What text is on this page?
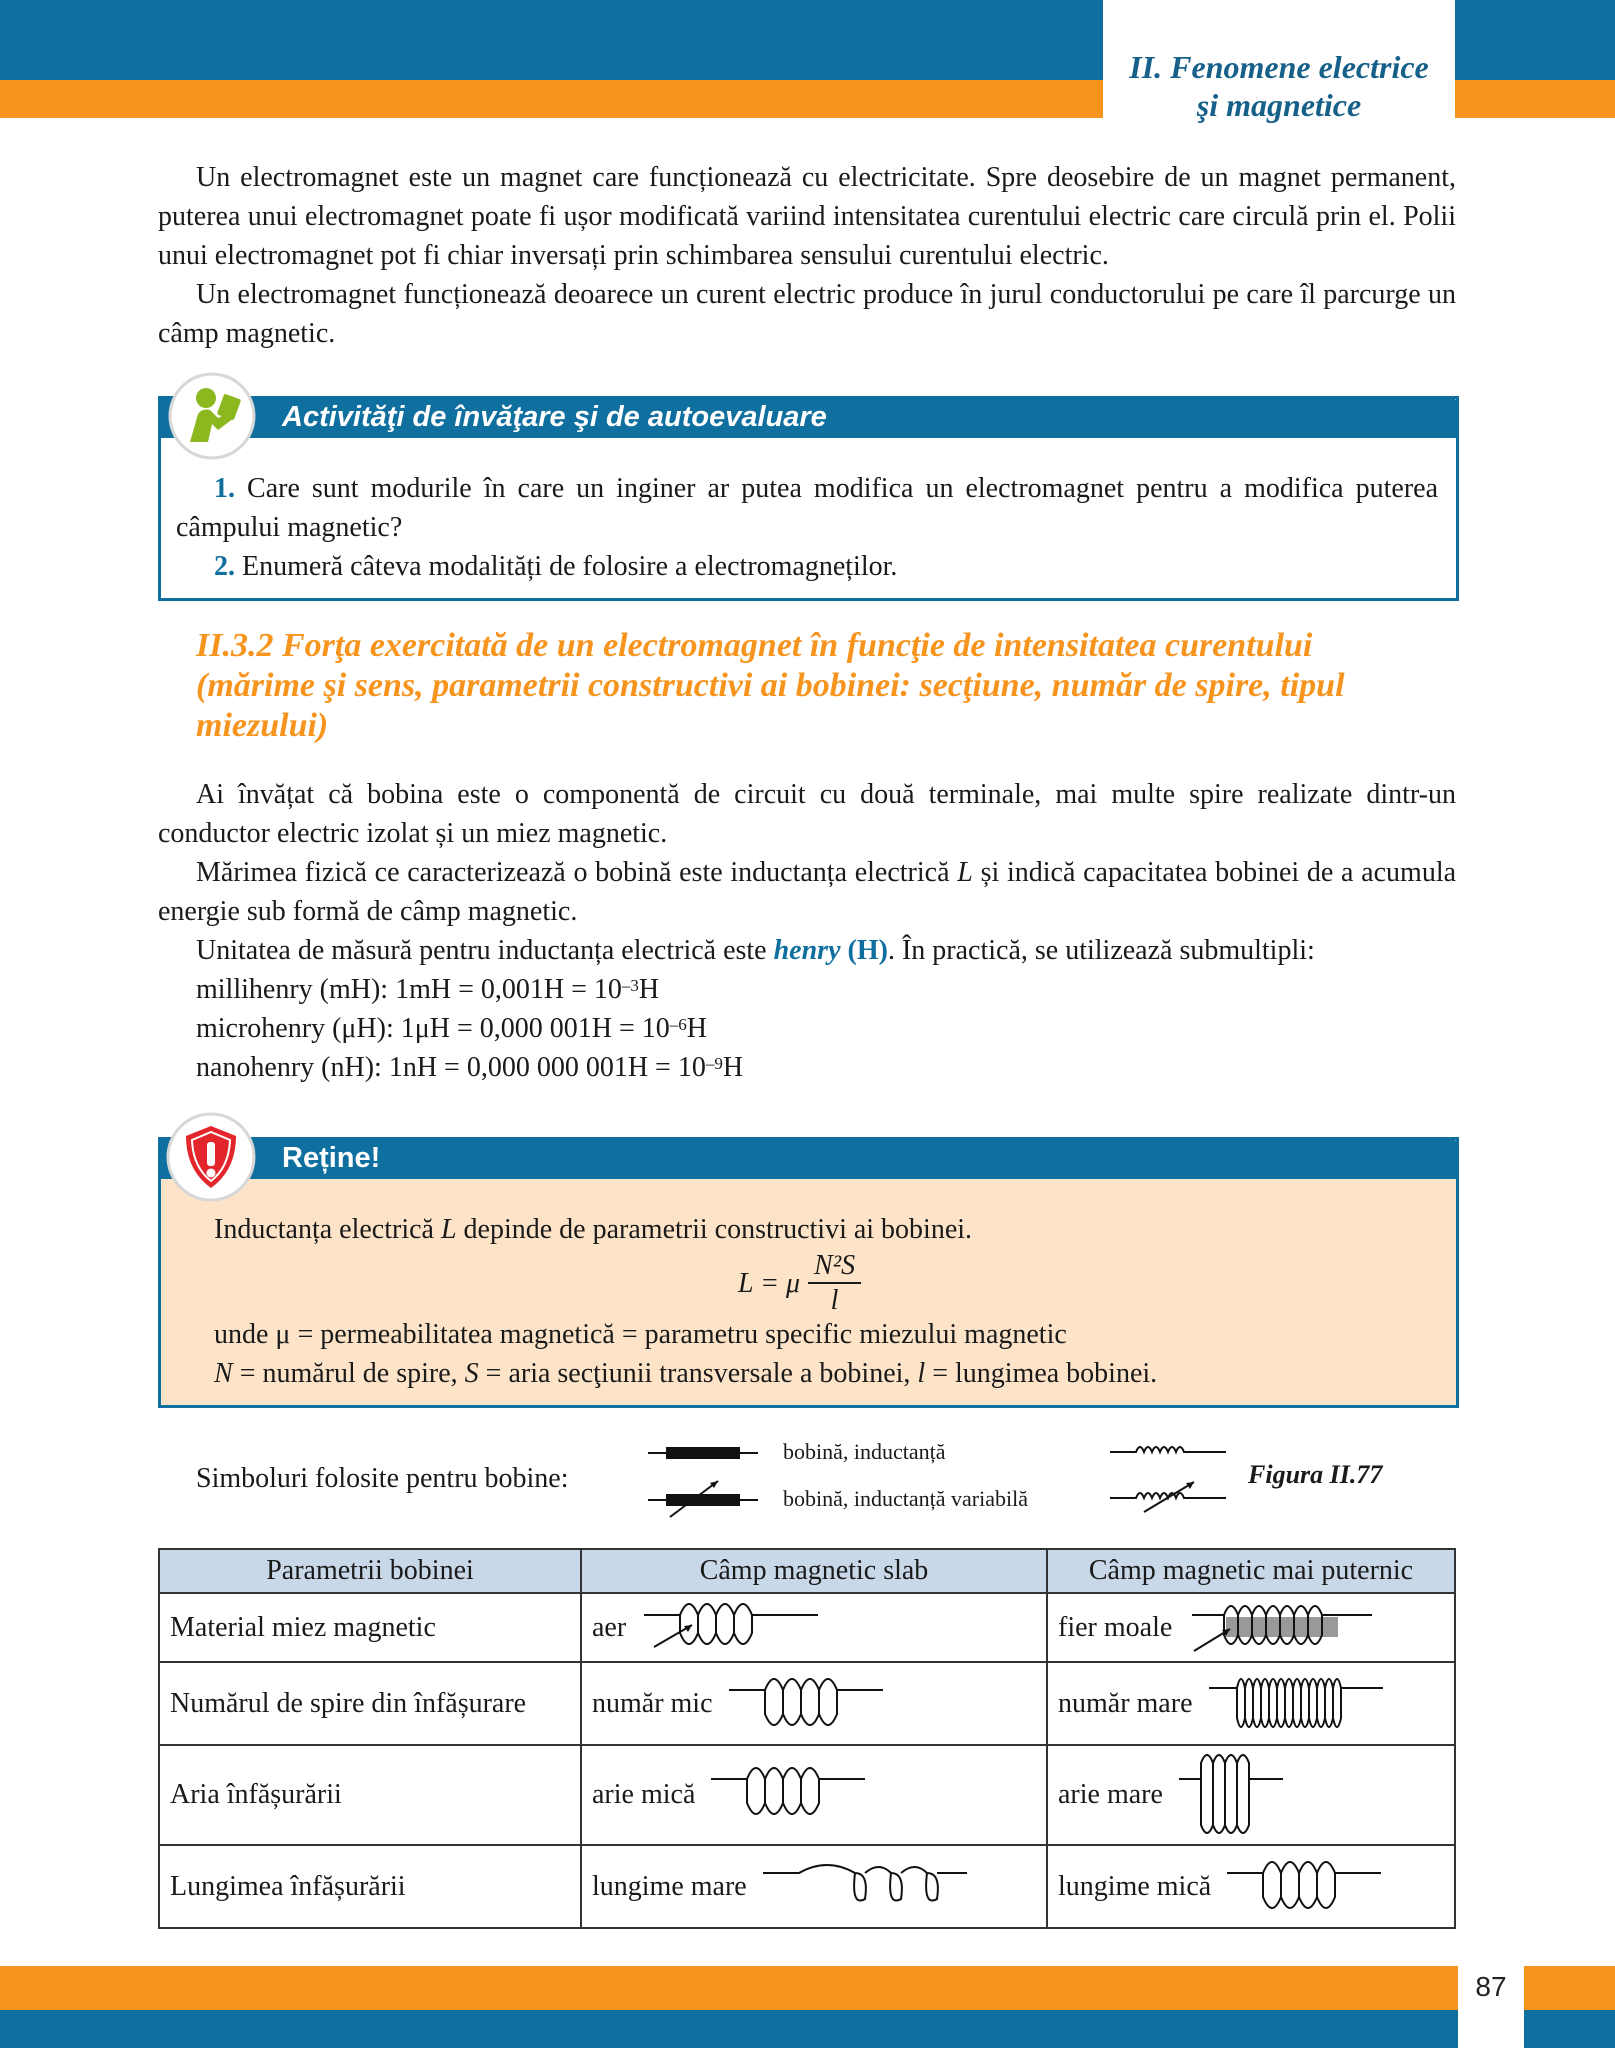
II. Fenomene electrice
şi magnetice
Un electromagnet este un magnet care funcționează cu electricitate. Spre deosebire de un magnet permanent, puterea unui electromagnet poate fi ușor modificată variind intensitatea curentului electric care circulă prin el. Polii unui electromagnet pot fi chiar inversați prin schimbarea sensului curentului electric.
Un electromagnet funcționează deoarece un curent electric produce în jurul conductorului pe care îl parcurge un câmp magnetic.
Activităţi de învăţare şi de autoevaluare
1. Care sunt modurile în care un inginer ar putea modifica un electromagnet pentru a modifica puterea câmpului magnetic?
2. Enumeră câteva modalități de folosire a electromagneților.
II.3.2 Forţa exercitată de un electromagnet în funcţie de intensitatea curentului (mărime şi sens, parametrii constructivi ai bobinei: secţiune, număr de spire, tipul miezului)
Ai învățat că bobina este o componentă de circuit cu două terminale, mai multe spire realizate dintr-un conductor electric izolat și un miez magnetic.
Mărimea fizică ce caracterizează o bobină este inductanța electrică L și indică capacitatea bobinei de a acumula energie sub formă de câmp magnetic.
Unitatea de măsură pentru inductanța electrică este henry (H). În practică, se utilizează submultipli:
millihenry (mH): $1mH = 0,001H = 10^{-3}H$
microhenry (μH): 1μH = 0,000 $001H = 10^{-6}H$
nanohenry (nH): 1nH = 0,000 000 $001H = 10^{-9}H$
Reține!
Inductanța electrică L depinde de parametrii constructivi ai bobinei.
L = μ
N²S
l
unde μ = permeabilitatea magnetică = parametru specific miezului magnetic
N = numărul de spire, S = aria secţiunii transversale a bobinei, l = lungimea bobinei.
Simboluri folosite pentru bobine:
bobină, inductanță
bobină, inductanță variabilă
Figura II.77
Parametrii bobinei	Câmp magnetic slab	Câmp magnetic mai puternic
Material miez magnetic	aer	fier moale

Numărul de spire din înfășurare	număr mic	număr mare

Aria înfășurării	arie mică	arie mare

Lungimea înfășurării	lungime mare	lungime mică
87
